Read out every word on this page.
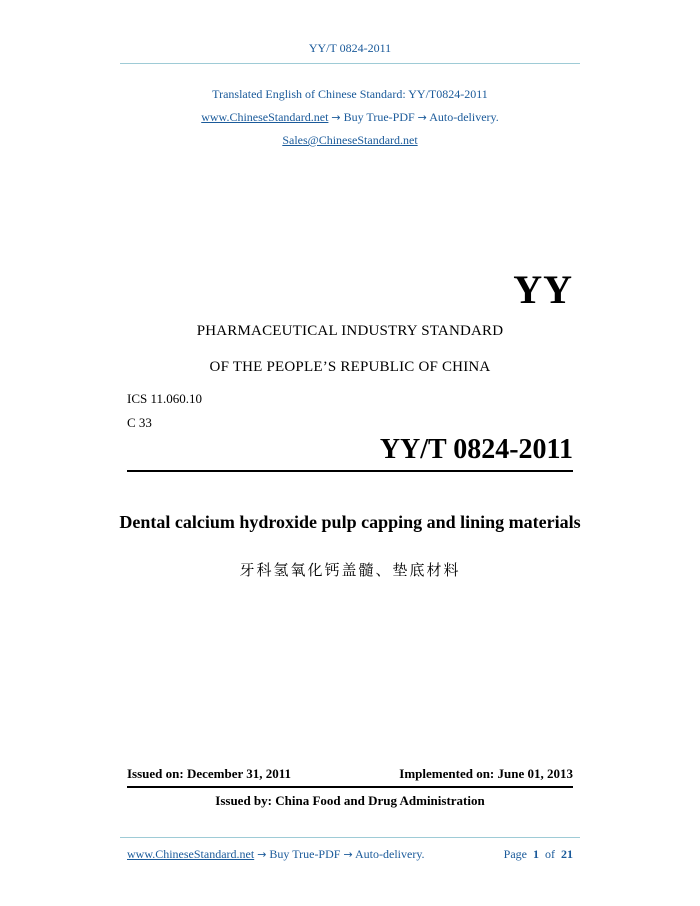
YY/T 0824-2011
Translated English of Chinese Standard: YY/T0824-2011
www.ChineseStandard.net → Buy True-PDF → Auto-delivery.
Sales@ChineseStandard.net
YY
PHARMACEUTICAL INDUSTRY STANDARD
OF THE PEOPLE’S REPUBLIC OF CHINA
ICS 11.060.10
C 33
YY/T 0824-2011
Dental calcium hydroxide pulp capping and lining materials
牙科氢氧化钙盖髓、垫底材料
Issued on: December 31, 2011	Implemented on: June 01, 2013
Issued by: China Food and Drug Administration
www.ChineseStandard.net → Buy True-PDF → Auto-delivery.	Page 1 of 21
